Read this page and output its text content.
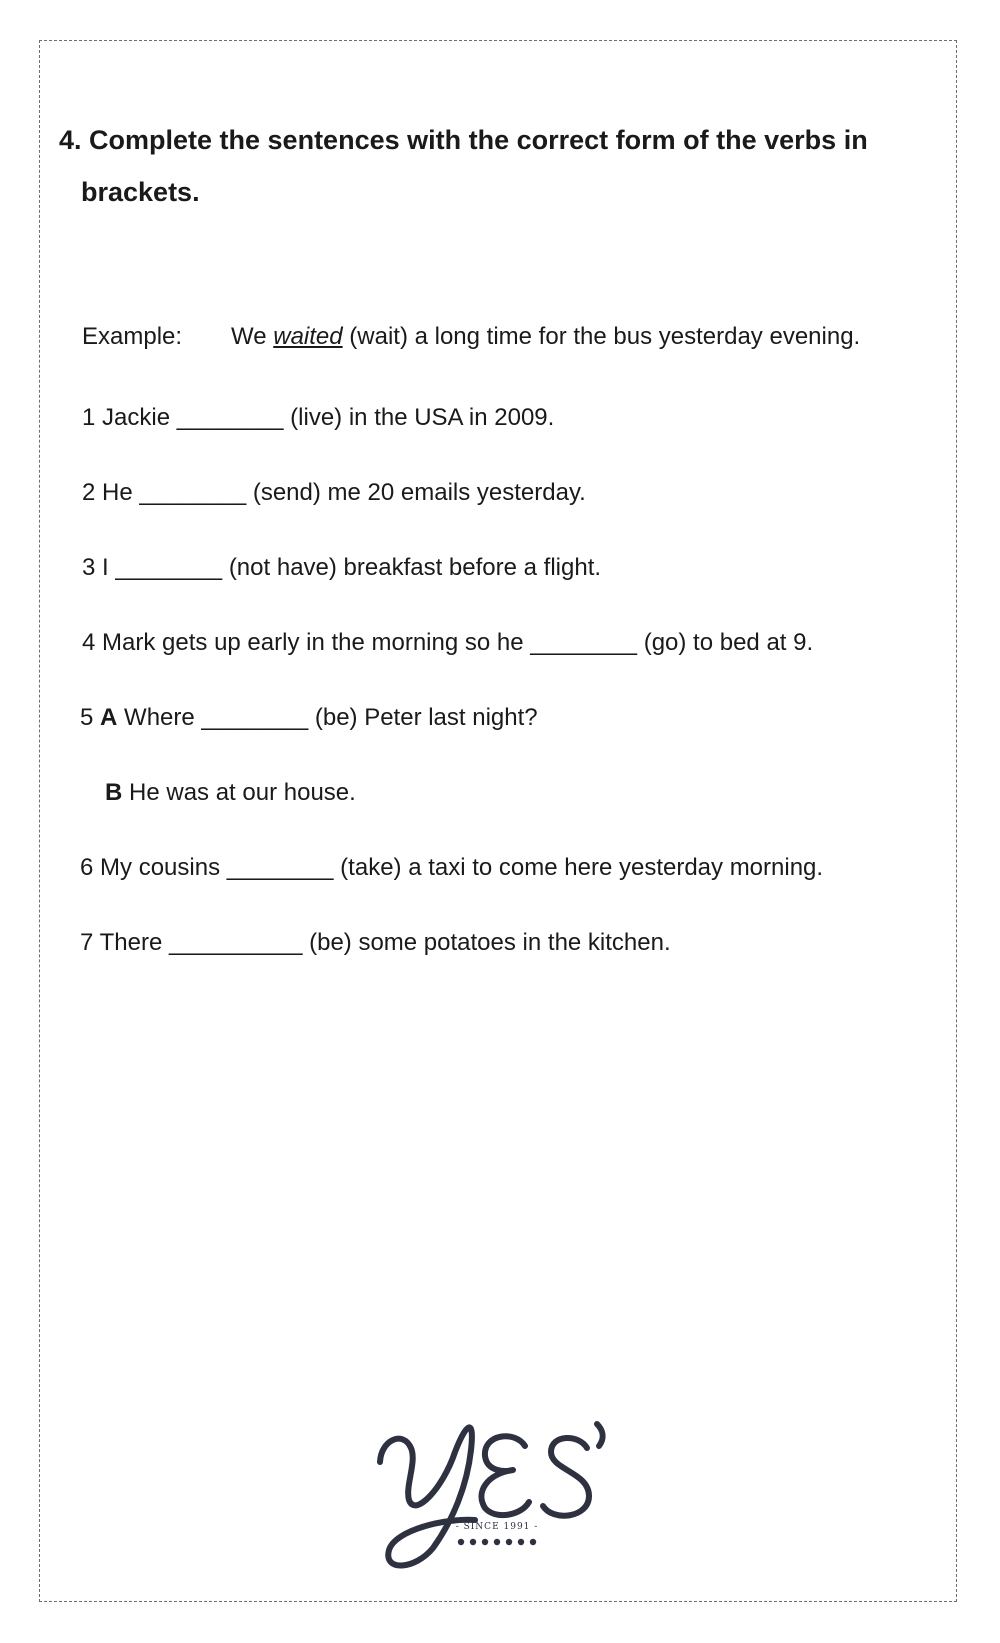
4. Complete the sentences with the correct form of the verbs in
brackets.
Example: We waited (wait) a long time for the bus yesterday evening.
1 Jackie ________ (live) in the USA in 2009.
2 He ________ (send) me 20 emails yesterday.
3 I ________ (not have) breakfast before a flight.
4 Mark gets up early in the morning so he ________ (go) to bed at 9.
5 A Where ________ (be) Peter last night?
B He was at our house.
6 My cousins ________ (take) a taxi to come here yesterday morning.
7 There __________ (be) some potatoes in the kitchen.
- SINCE 1991 -
